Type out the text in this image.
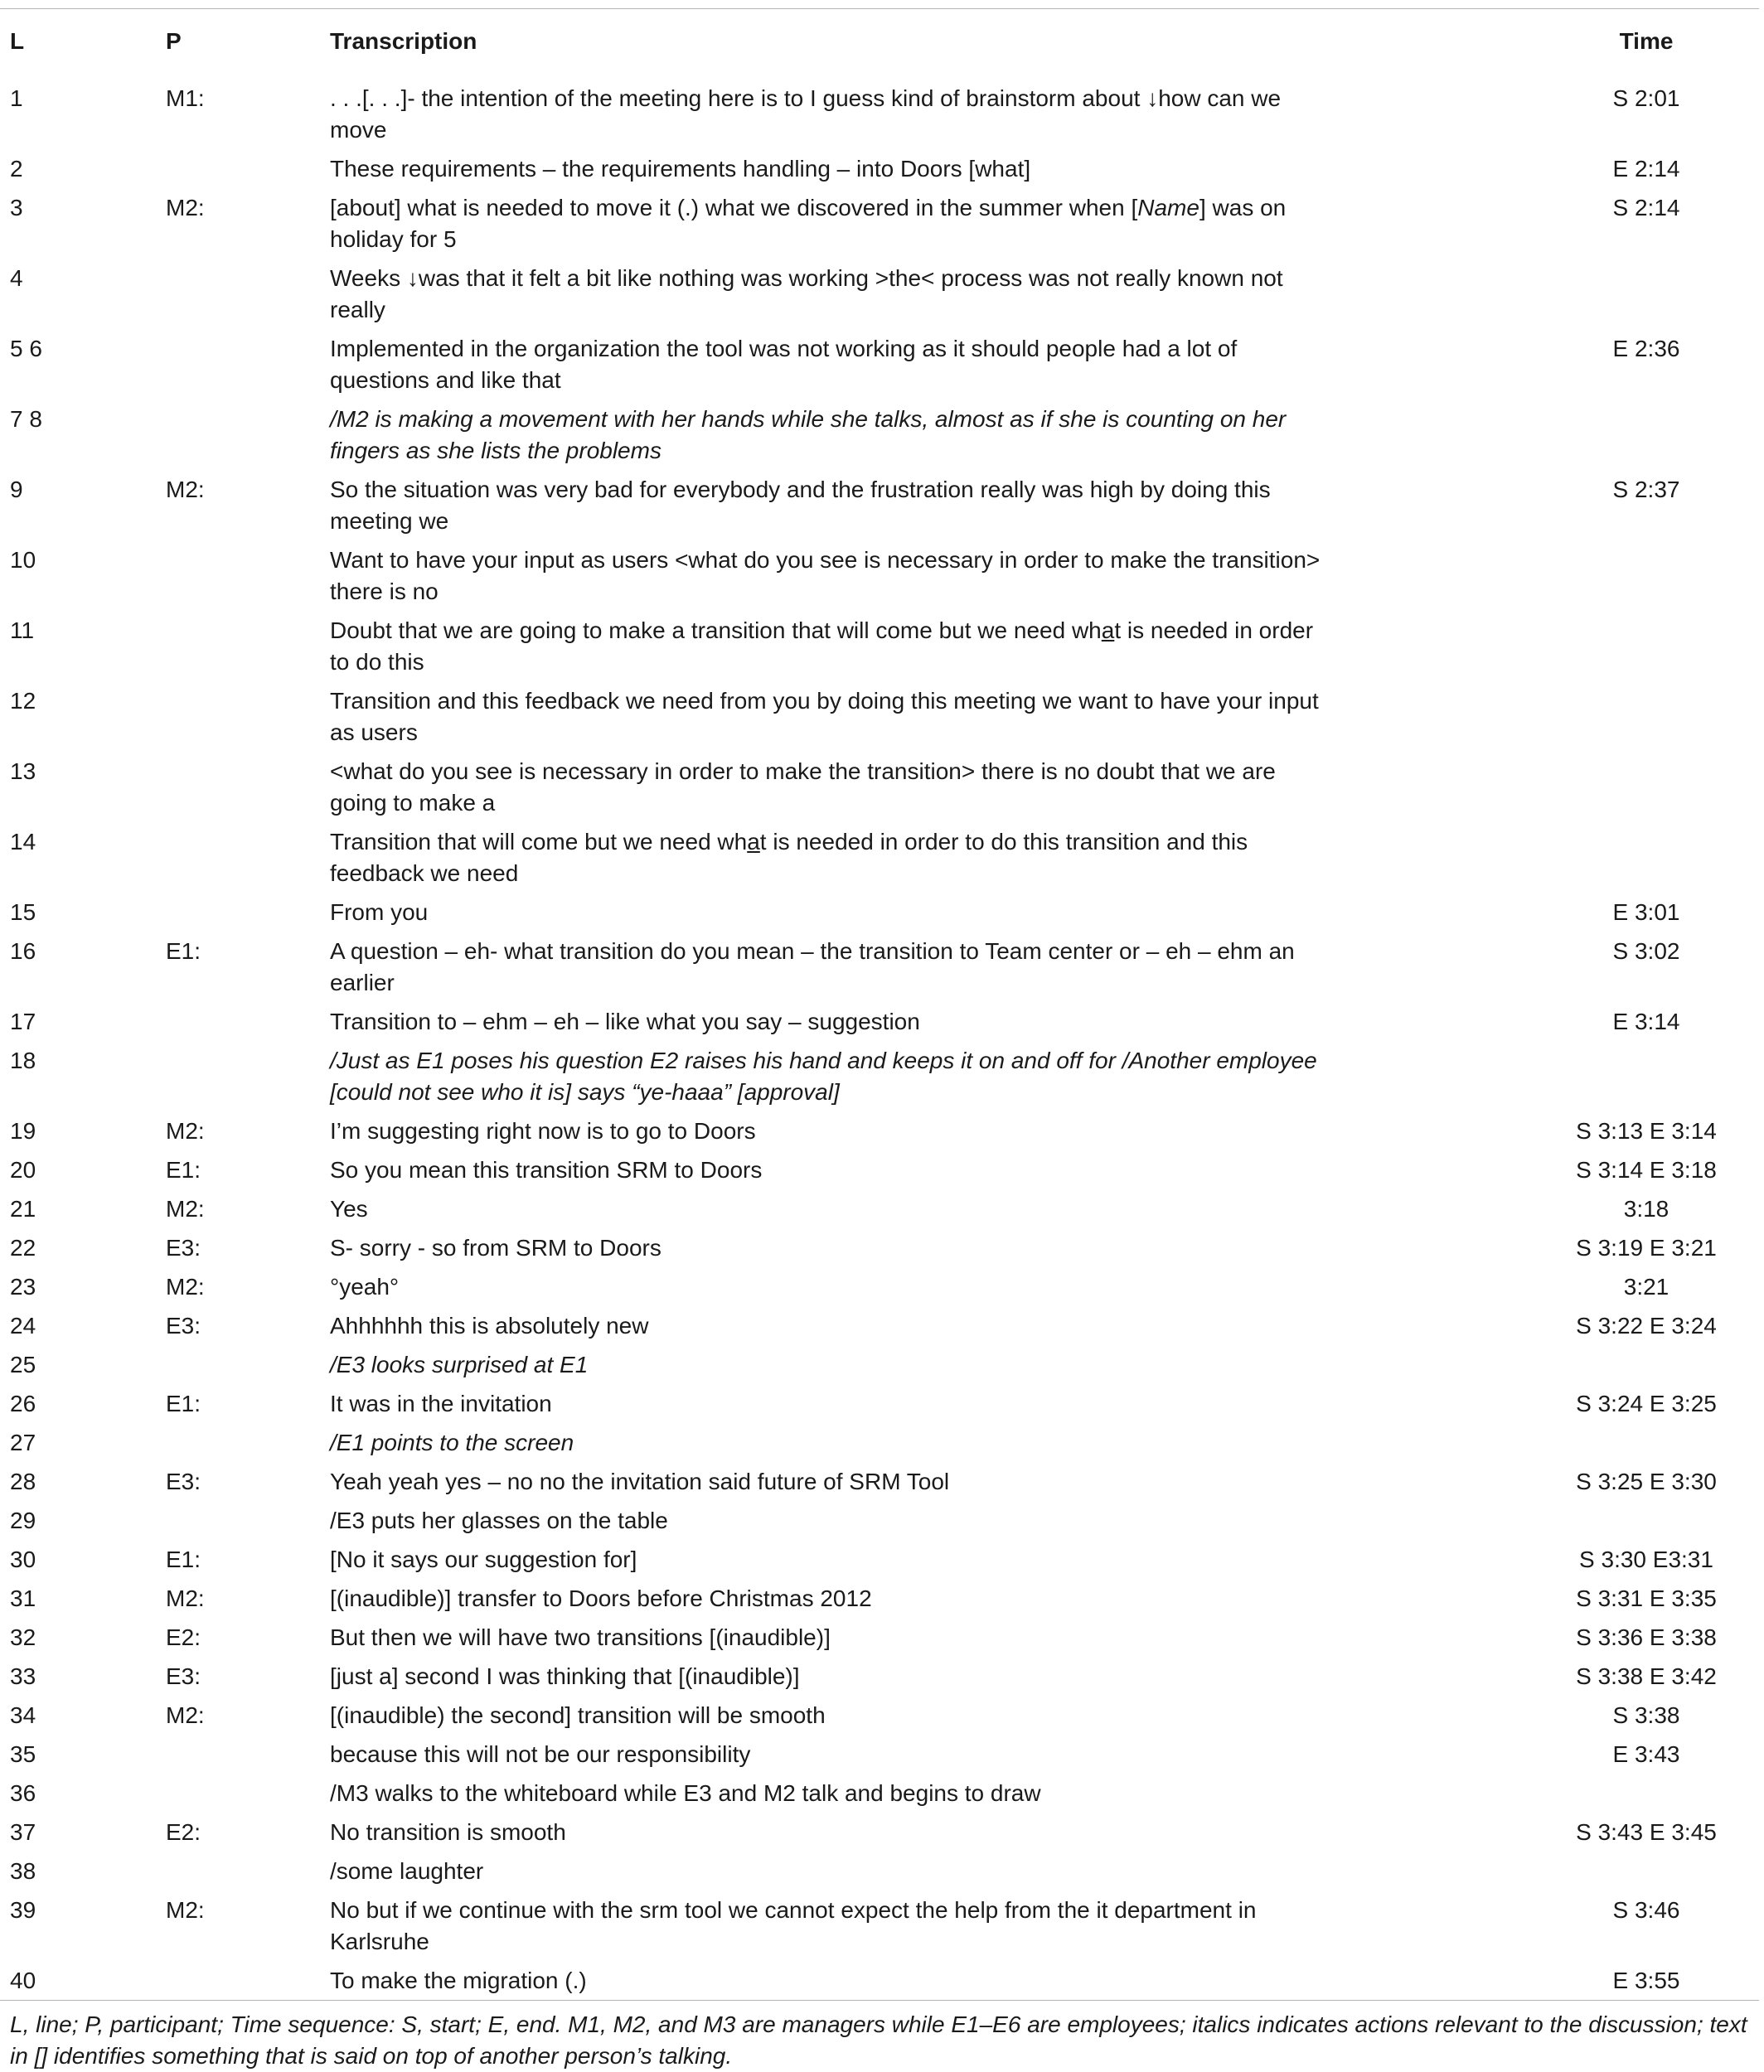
L	P	Transcription	Time
1	M1:	. . .[. . .]- the intention of the meeting here is to I guess kind of brainstorm about ↓how can we move	S 2:01
2		These requirements – the requirements handling – into Doors [what]	E 2:14
3	M2:	[about] what is needed to move it (.) what we discovered in the summer when [Name] was on holiday for 5	S 2:14
4		Weeks ↓was that it felt a bit like nothing was working >the< process was not really known not really	
5 6		Implemented in the organization the tool was not working as it should people had a lot of questions and like that	E 2:36
7 8		/M2 is making a movement with her hands while she talks, almost as if she is counting on her fingers as she lists the problems	
9	M2:	So the situation was very bad for everybody and the frustration really was high by doing this meeting we	S 2:37
10		Want to have your input as users <what do you see is necessary in order to make the transition> there is no	
11		Doubt that we are going to make a transition that will come but we need what is needed in order to do this	
12		Transition and this feedback we need from you by doing this meeting we want to have your input as users	
13		<what do you see is necessary in order to make the transition> there is no doubt that we are going to make a	
14		Transition that will come but we need what is needed in order to do this transition and this feedback we need	
15		From you	E 3:01
16	E1:	A question – eh- what transition do you mean – the transition to Team center or – eh – ehm an earlier	S 3:02
17		Transition to – ehm – eh – like what you say – suggestion	E 3:14
18		/Just as E1 poses his question E2 raises his hand and keeps it on and off for /Another employee [could not see who it is] says “ye-haaa” [approval]	
19	M2:	I’m suggesting right now is to go to Doors	S 3:13 E 3:14
20	E1:	So you mean this transition SRM to Doors	S 3:14 E 3:18
21	M2:	Yes	3:18
22	E3:	S- sorry - so from SRM to Doors	S 3:19 E 3:21
23	M2:	°yeah°	3:21
24	E3:	Ahhhhhh this is absolutely new	S 3:22 E 3:24
25		/E3 looks surprised at E1	
26	E1:	It was in the invitation	S 3:24 E 3:25
27		/E1 points to the screen	
28	E3:	Yeah yeah yes – no no the invitation said future of SRM Tool	S 3:25 E 3:30
29		/E3 puts her glasses on the table	
30	E1:	[No it says our suggestion for]	S 3:30 E3:31
31	M2:	[(inaudible)] transfer to Doors before Christmas 2012	S 3:31 E 3:35
32	E2:	But then we will have two transitions [(inaudible)]	S 3:36 E 3:38
33	E3:	[just a] second I was thinking that [(inaudible)]	S 3:38 E 3:42
34	M2:	[(inaudible) the second] transition will be smooth	S 3:38
35		because this will not be our responsibility	E 3:43
36		/M3 walks to the whiteboard while E3 and M2 talk and begins to draw	
37	E2:	No transition is smooth	S 3:43 E 3:45
38		/some laughter	
39	M2:	No but if we continue with the srm tool we cannot expect the help from the it department in Karlsruhe	S 3:46
40		To make the migration (.)	E 3:55
L, line; P, participant; Time sequence: S, start; E, end. M1, M2, and M3 are managers while E1–E6 are employees; italics indicates actions relevant to the discussion; text in [] identifies something that is said on top of another person’s talking.
